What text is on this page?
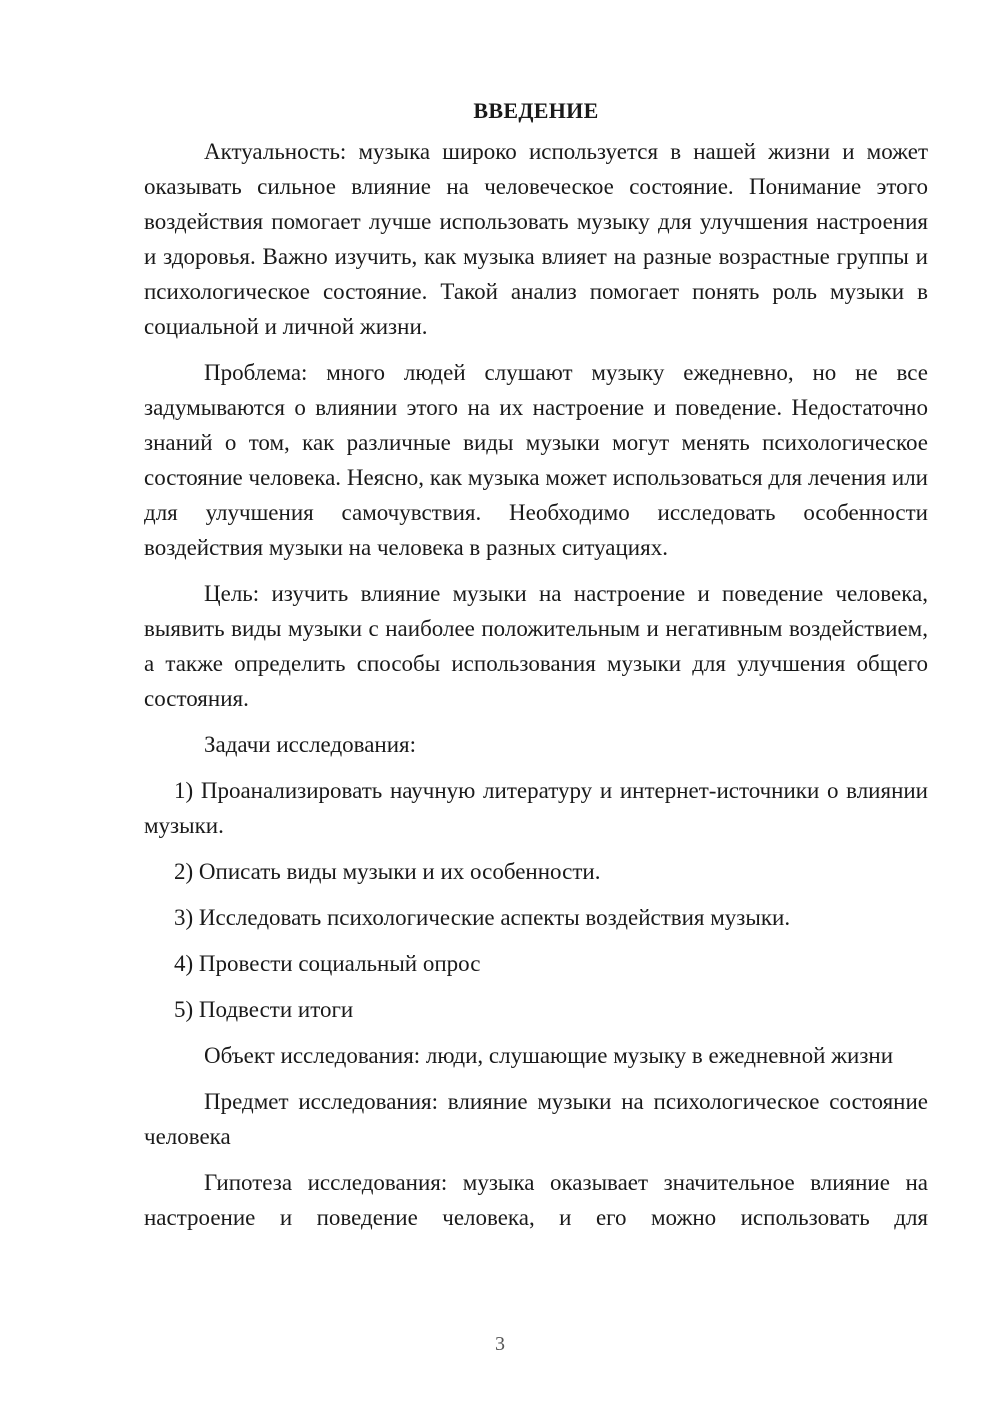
ВВЕДЕНИЕ

Актуальность: музыка широко используется в нашей жизни и может оказывать сильное влияние на человеческое состояние. Понимание этого воздействия помогает лучше использовать музыку для улучшения настроения и здоровья. Важно изучить, как музыка влияет на разные возрастные группы и психологическое состояние. Такой анализ помогает понять роль музыки в социальной и личной жизни.

Проблема: много людей слушают музыку ежедневно, но не все задумываются о влиянии этого на их настроение и поведение. Недостаточно знаний о том, как различные виды музыки могут менять психологическое состояние человека. Неясно, как музыка может использоваться для лечения или для улучшения самочувствия. Необходимо исследовать особенности воздействия музыки на человека в разных ситуациях.

Цель: изучить влияние музыки на настроение и поведение человека, выявить виды музыки с наиболее положительным и негативным воздействием, а также определить способы использования музыки для улучшения общего состояния.

Задачи исследования:

1) Проанализировать научную литературу и интернет-источники о влиянии музыки.

2) Описать виды музыки и их особенности.

3) Исследовать психологические аспекты воздействия музыки.

4) Провести социальный опрос

5) Подвести итоги

Объект исследования: люди, слушающие музыку в ежедневной жизни

Предмет исследования: влияние музыки на психологическое состояние человека

Гипотеза исследования: музыка оказывает значительное влияние на настроение и поведение человека, и его можно использовать для

3
